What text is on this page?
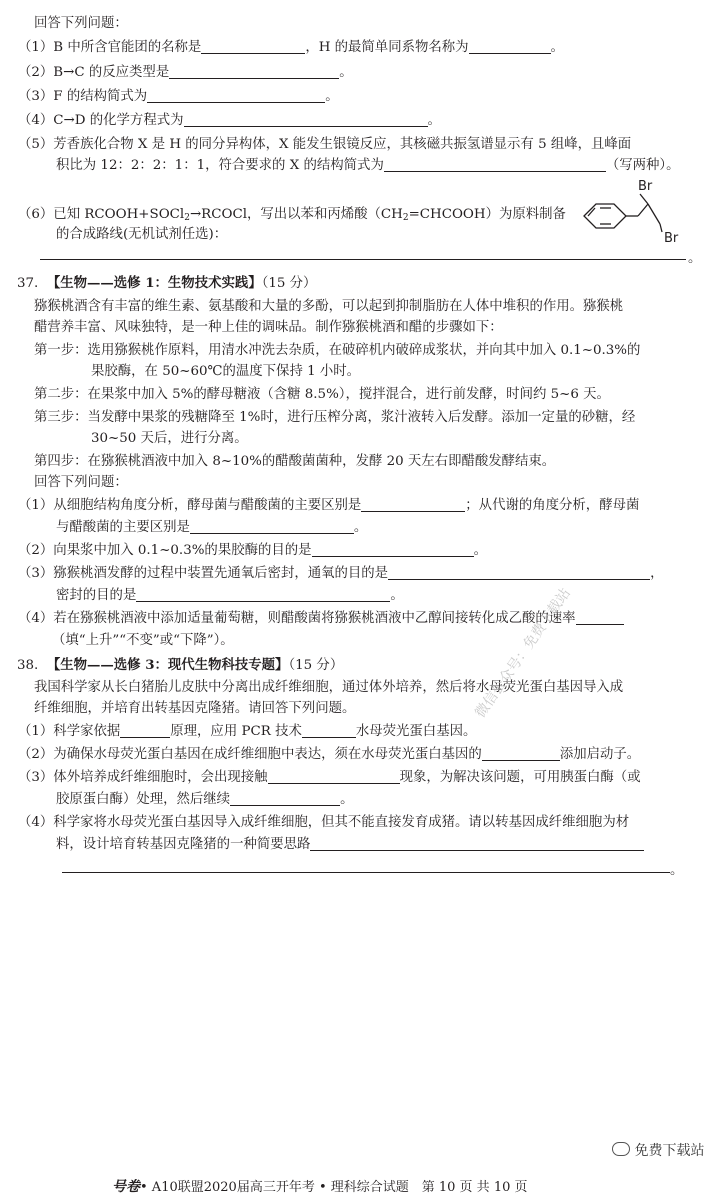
回答下列问题：
（1）B 中所含官能团的名称是	，H 的最简单同系物名称为	。
（2）B→C 的反应类型是	。
（3）F 的结构简式为	。
（4）C→D 的化学方程式为	。
（5）芳香族化合物 X 是 H 的同分异构体，X 能发生银镜反应，其核磁共振氢谱显示有 5 组峰，且峰面
积比为 12：2：2：1：1，符合要求的 X 的结构简式为	（写两种）。
（6）已知 RCOOH+SOCl$_2$→RCOCl，写出以苯和丙烯酸$(CH_2=CHCOOH)$为原料制备
Br
Br
的合成路线(无机试剂任选)：
。
37. 【生物——选修 1：生物技术实践】（15 分）
猕猴桃酒含有丰富的维生素、氨基酸和大量的多酚，可以起到抑制脂肪在人体中堆积的作用。猕猴桃
醋营养丰富、风味独特，是一种上佳的调味品。制作猕猴桃酒和醋的步骤如下：
第一步：选用猕猴桃作原料，用清水冲洗去杂质，在破碎机内破碎成浆状，并向其中加入 0.1~0.3%的
果胶酶，在 50~60℃的温度下保持 1 小时。
第二步：在果浆中加入 5%的酵母糖液（含糖 8.5%），搅拌混合，进行前发酵，时间约 5~6 天。
第三步：当发酵中果浆的残糖降至 1%时，进行压榨分离，浆汁液转入后发酵。添加一定量的砂糖，经
30~50 天后，进行分离。
第四步：在猕猴桃酒液中加入 8~10%的醋酸菌菌种，发酵 20 天左右即醋酸发酵结束。
回答下列问题：
（1）从细胞结构角度分析，酵母菌与醋酸菌的主要区别是	；从代谢的角度分析，酵母菌
与醋酸菌的主要区别是	。
（2）向果浆中加入 0.1~0.3%的果胶酶的目的是	。
（3）猕猴桃酒发酵的过程中装置先通氧后密封，通氧的目的是	，
密封的目的是	。
（4）若在猕猴桃酒液中添加适量葡萄糖，则醋酸菌将猕猴桃酒液中乙醇间接转化成乙酸的速率
（填“上升”“不变”或“下降”）。
38. 【生物——选修 3：现代生物科技专题】（15 分）
我国科学家从长白猪胎儿皮肤中分离出成纤维细胞，通过体外培养，然后将水母荧光蛋白基因导入成
纤维细胞，并培育出转基因克隆猪。请回答下列问题。
（1）科学家依据	原理，应用 PCR 技术	水母荧光蛋白基因。
（2）为确保水母荧光蛋白基因在成纤维细胞中表达，须在水母荧光蛋白基因的	添加启动子。
（3）体外培养成纤维细胞时，会出现接触	现象，为解决该问题，可用胰蛋白酶（或
胶原蛋白酶）处理，然后继续	。
（4）科学家将水母荧光蛋白基因导入成纤维细胞，但其不能直接发育成猪。请以转基因成纤维细胞为材
料，设计培育转基因克隆猪的一种简要思路
。
微信公众号：免费下载站
免费下载站
号卷• A10联盟2020届高三开年考 • 理科综合试题　第 10 页 共 10 页
